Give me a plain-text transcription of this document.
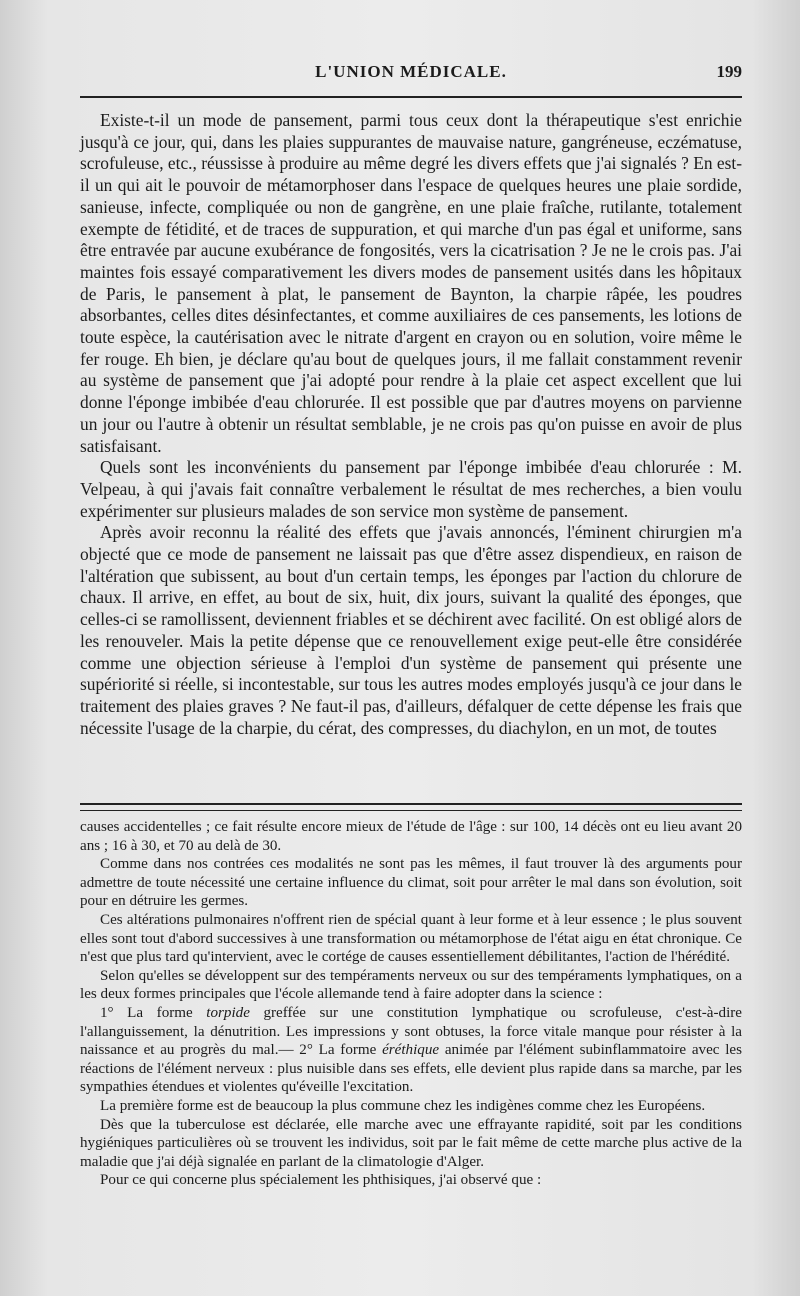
L'UNION MÉDICALE.	199

Existe-t-il un mode de pansement, parmi tous ceux dont la thérapeutique s'est enrichie jusqu'à ce jour, qui, dans les plaies suppurantes de mauvaise nature, gangréneuse, eczématuse, scrofuleuse, etc., réussisse à produire au même degré les divers effets que j'ai signalés ? En est-il un qui ait le pouvoir de métamorphoser dans l'espace de quelques heures une plaie sordide, sanieuse, infecte, compliquée ou non de gangrène, en une plaie fraîche, rutilante, totalement exempte de fétidité, et de traces de suppuration, et qui marche d'un pas égal et uniforme, sans être entravée par aucune exubérance de fongosités, vers la cicatrisation ? Je ne le crois pas. J'ai maintes fois essayé comparativement les divers modes de pansement usités dans les hôpitaux de Paris, le pansement à plat, le pansement de Baynton, la charpie râpée, les poudres absorbantes, celles dites désinfectantes, et comme auxiliaires de ces pansements, les lotions de toute espèce, la cautérisation avec le nitrate d'argent en crayon ou en solution, voire même le fer rouge. Eh bien, je déclare qu'au bout de quelques jours, il me fallait constamment revenir au système de pansement que j'ai adopté pour rendre à la plaie cet aspect excellent que lui donne l'éponge imbibée d'eau chlorurée. Il est possible que par d'autres moyens on parvienne un jour ou l'autre à obtenir un résultat semblable, je ne crois pas qu'on puisse en avoir de plus satisfaisant.

Quels sont les inconvénients du pansement par l'éponge imbibée d'eau chlorurée : M. Velpeau, à qui j'avais fait connaître verbalement le résultat de mes recherches, a bien voulu expérimenter sur plusieurs malades de son service mon système de pansement.

Après avoir reconnu la réalité des effets que j'avais annoncés, l'éminent chirurgien m'a objecté que ce mode de pansement ne laissait pas que d'être assez dispendieux, en raison de l'altération que subissent, au bout d'un certain temps, les éponges par l'action du chlorure de chaux. Il arrive, en effet, au bout de six, huit, dix jours, suivant la qualité des éponges, que celles-ci se ramollissent, deviennent friables et se déchirent avec facilité. On est obligé alors de les renouveler. Mais la petite dépense que ce renouvellement exige peut-elle être considérée comme une objection sérieuse à l'emploi d'un système de pansement qui présente une supériorité si réelle, si incontestable, sur tous les autres modes employés jusqu'à ce jour dans le traitement des plaies graves ? Ne faut-il pas, d'ailleurs, défalquer de cette dépense les frais que nécessite l'usage de la charpie, du cérat, des compresses, du diachylon, en un mot, de toutes

causes accidentelles ; ce fait résulte encore mieux de l'étude de l'âge : sur 100, 14 décès ont eu lieu avant 20 ans ; 16 à 30, et 70 au delà de 30.

Comme dans nos contrées ces modalités ne sont pas les mêmes, il faut trouver là des arguments pour admettre de toute nécessité une certaine influence du climat, soit pour arrêter le mal dans son évolution, soit pour en détruire les germes.

Ces altérations pulmonaires n'offrent rien de spécial quant à leur forme et à leur essence ; le plus souvent elles sont tout d'abord successives à une transformation ou métamorphose de l'état aigu en état chronique. Ce n'est que plus tard qu'intervient, avec le cortége de causes essentiellement débilitantes, l'action de l'hérédité.

Selon qu'elles se développent sur des tempéraments nerveux ou sur des tempéraments lymphatiques, on a les deux formes principales que l'école allemande tend à faire adopter dans la science :

1° La forme torpide greffée sur une constitution lymphatique ou scrofuleuse, c'est-à-dire l'allanguissement, la dénutrition. Les impressions y sont obtuses, la force vitale manque pour résister à la naissance et au progrès du mal.— 2° La forme éréthique animée par l'élément subinflammatoire avec les réactions de l'élément nerveux : plus nuisible dans ses effets, elle devient plus rapide dans sa marche, par les sympathies étendues et violentes qu'éveille l'excitation.

La première forme est de beaucoup la plus commune chez les indigènes comme chez les Européens.

Dès que la tuberculose est déclarée, elle marche avec une effrayante rapidité, soit par les conditions hygiéniques particulières où se trouvent les individus, soit par le fait même de cette marche plus active de la maladie que j'ai déjà signalée en parlant de la climatologie d'Alger.

Pour ce qui concerne plus spécialement les phthisiques, j'ai observé que :
